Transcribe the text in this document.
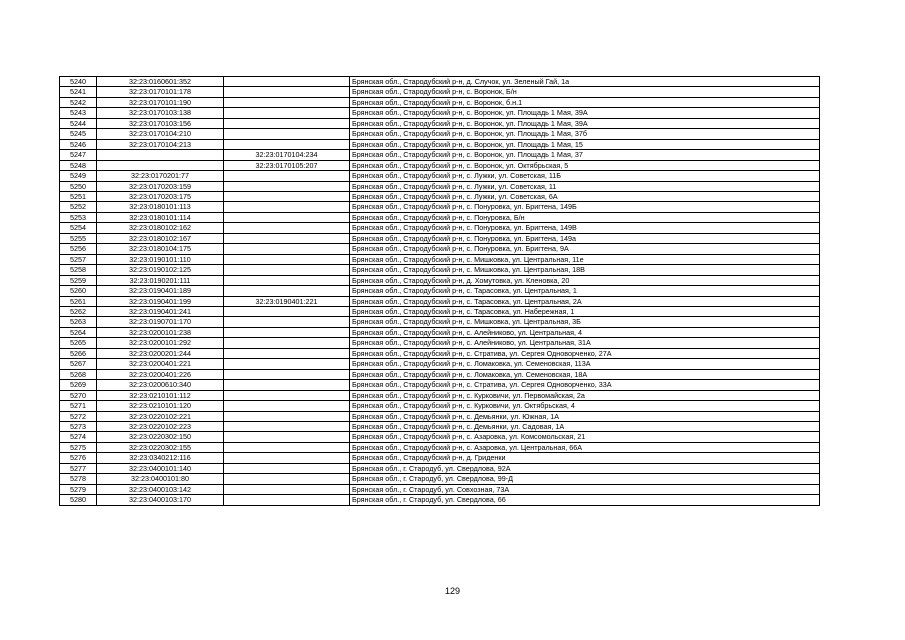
5240	32:23:0160601:352		Брянская обл., Стародубский р-н, д. Случок, ул. Зеленый Гай, 1а
5241	32:23:0170101:178		Брянская обл., Стародубский р-н, с. Воронок, Б/н
5242	32:23:0170101:190		Брянская обл., Стародубский р-н, с. Воронок, б.н.1
5243	32:23:0170103:138		Брянская обл., Стародубский р-н, с. Воронок, ул. Площадь 1 Мая, 39А
5244	32:23:0170103:156		Брянская обл., Стародубский р-н, с. Воронок, ул. Площадь 1 Мая, 39А
5245	32:23:0170104:210		Брянская обл., Стародубский р-н, с. Воронок, ул. Площадь 1 Мая, 37б
5246	32:23:0170104:213		Брянская обл., Стародубский р-н, с. Воронок, ул. Площадь 1 Мая, 15
5247		32:23:0170104:234	Брянская обл., Стародубский р-н, с. Воронок, ул. Площадь 1 Мая, 37
5248		32:23:0170105:207	Брянская обл., Стародубский р-н, с. Воронок, ул. Октябрьская, 5
5249	32:23:0170201:77		Брянская обл., Стародубский р-н, с. Лужки, ул. Советская, 11Б
5250	32:23:0170203:159		Брянская обл., Стародубский р-н, с. Лужки, ул. Советская, 11
5251	32:23:0170203:175		Брянская обл., Стародубский р-н, с. Лужки, ул. Советская, 6А
5252	32:23:0180101:113		Брянская обл., Стародубский р-н, с. Понуровка, ул. Бригтена, 149Б
5253	32:23:0180101:114		Брянская обл., Стародубский р-н, с. Понуровка, Б/н
5254	32:23:0180102:162		Брянская обл., Стародубский р-н, с. Понуровка, ул. Бригтена, 149В
5255	32:23:0180102:167		Брянская обл., Стародубский р-н, с. Понуровка, ул. Бригтена, 149а
5256	32:23:0180104:175		Брянская обл., Стародубский р-н, с. Понуровка, ул. Бригтена, 9А
5257	32:23:0190101:110		Брянская обл., Стародубский р-н, с. Мишковка, ул. Центральная, 11е
5258	32:23:0190102:125		Брянская обл., Стародубский р-н, с. Мишковка, ул. Центральная, 18В
5259	32:23:0190201:111		Брянская обл., Стародубский р-н, д. Хомутовка, ул. Кленовка, 20
5260	32:23:0190401:189		Брянская обл., Стародубский р-н, с. Тарасовка, ул. Центральная, 1
5261	32:23:0190401:199	32:23:0190401:221	Брянская обл., Стародубский р-н, с. Тарасовка, ул. Центральная, 2А
5262	32:23:0190401:241		Брянская обл., Стародубский р-н, с. Тарасовка, ул. Набережная, 1
5263	32:23:0190701:170		Брянская обл., Стародубский р-н, с. Мишковка, ул. Центральная, 3Б
5264	32:23:0200101:238		Брянская обл., Стародубский р-н, с. Алейниково, ул. Центральная, 4
5265	32:23:0200101:292		Брянская обл., Стародубский р-н, с. Алейниково, ул. Центральная, 31А
5266	32:23:0200201:244		Брянская обл., Стародубский р-н, с. Стратива, ул. Сергея Одноворченко, 27А
5267	32:23:0200401:221		Брянская обл., Стародубский р-н, с. Ломаковка, ул. Семеновская, 113А
5268	32:23:0200401:226		Брянская обл., Стародубский р-н, с. Ломаковка, ул. Семеновская, 18А
5269	32:23:0200610:340		Брянская обл., Стародубский р-н, с. Стратива, ул. Сергея Одноворченко, 33А
5270	32:23:0210101:112		Брянская обл., Стародубский р-н, с. Курковичи, ул. Первомайская, 2а
5271	32:23:0210101:120		Брянская обл., Стародубский р-н, с. Курковичи, ул. Октябрьская, 4
5272	32:23:0220102:221		Брянская обл., Стародубский р-н, с. Демьянки, ул. Южная, 1А
5273	32:23:0220102:223		Брянская обл., Стародубский р-н, с. Демьянки, ул. Садовая, 1А
5274	32:23:0220302:150		Брянская обл., Стародубский р-н, с. Азаровка, ул. Комсомольская, 21
5275	32:23:0220302:155		Брянская обл., Стародубский р-н, с. Азаровка, ул. Центральная, 66А
5276	32:23:0340212:116		Брянская обл., Стародубский р-н, д. Гриденки
5277	32:23:0400101:140		Брянская обл., г. Стародуб, ул. Свердлова, 92А
5278	32:23:0400101:80		Брянская обл., г. Стародуб, ул. Свердлова, 99-Д
5279	32:23:0400103:142		Брянская обл., г. Стародуб, ул. Совхозная, 73А
5280	32:23:0400103:170		Брянская обл., г. Стародуб, ул. Свердлова, 66
129
